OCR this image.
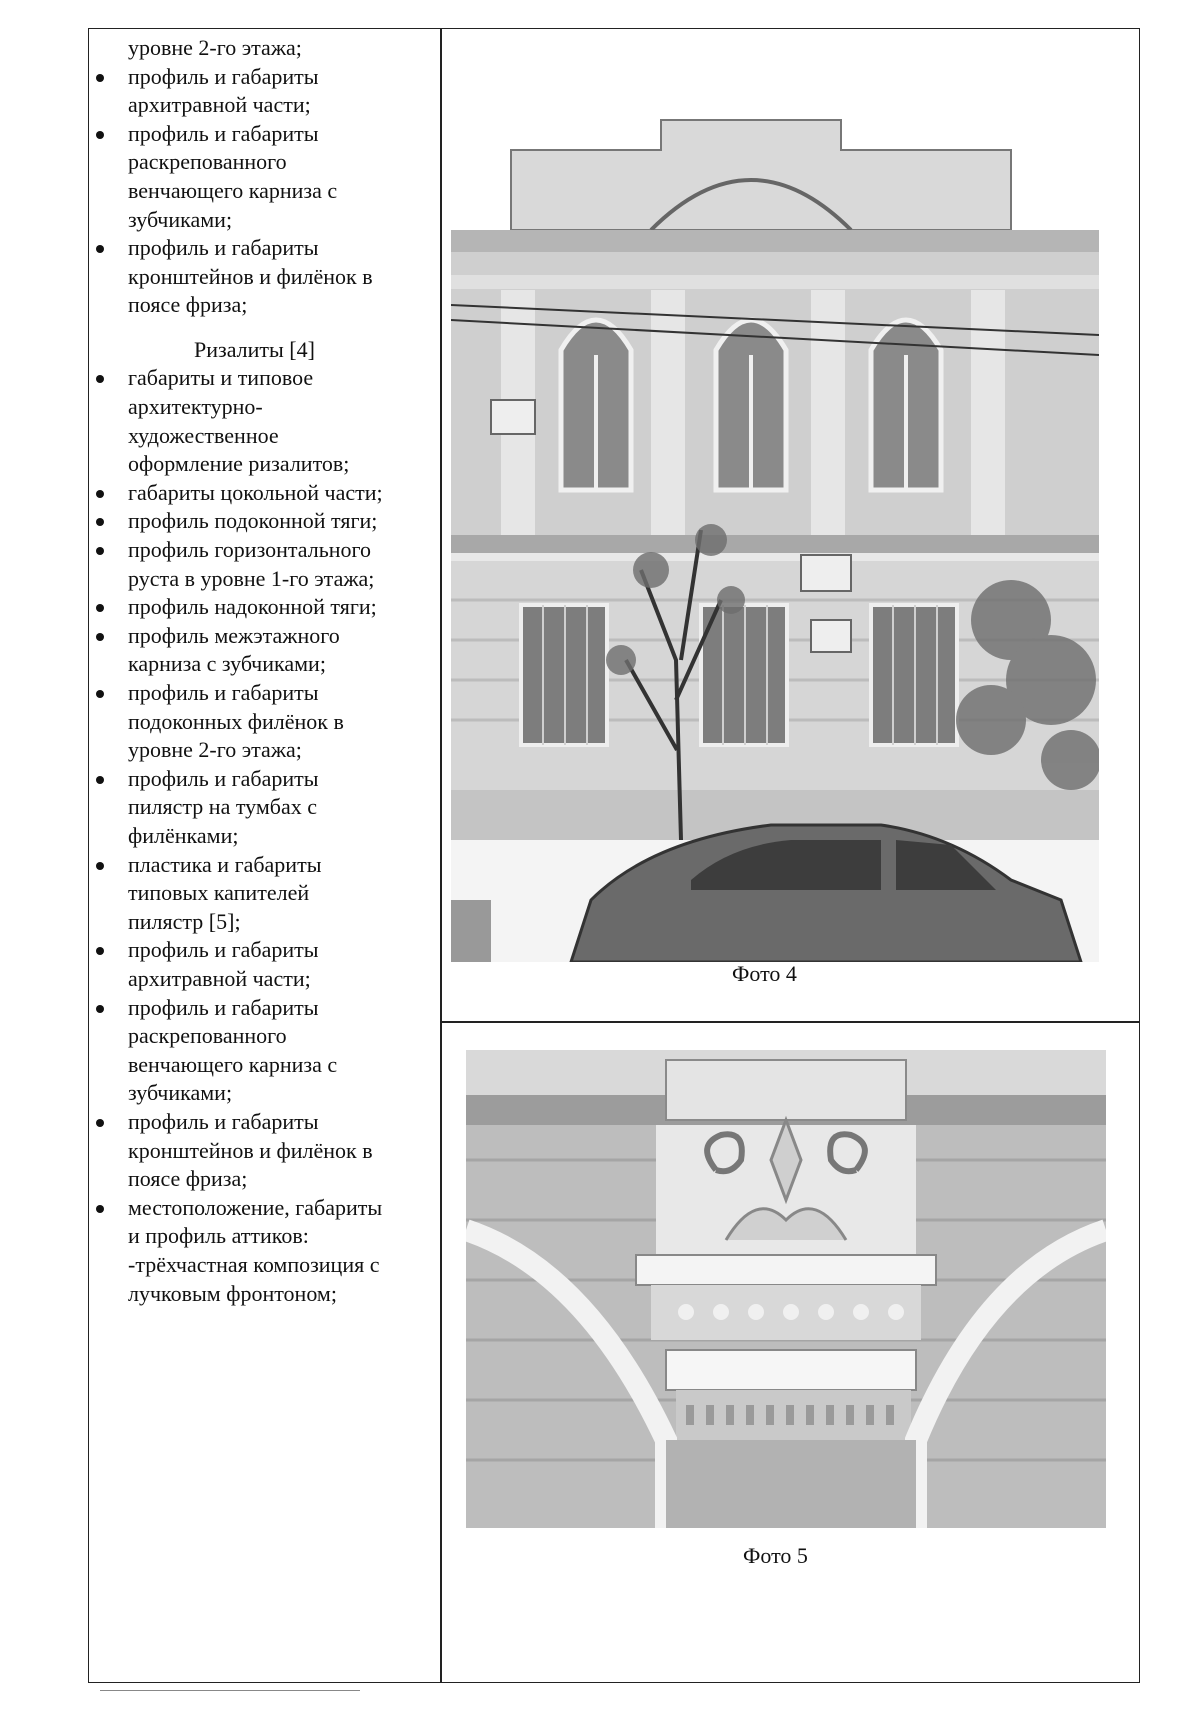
уровне 2-го этажа;
профиль и габариты
архитравной части;
профиль и габариты
раскрепованного
венчающего карниза с
зубчиками;
профиль и габариты
кронштейнов и филёнок в
поясе фриза;
Ризалиты [4]
габариты и типовое
архитектурно-
художественное
оформление ризалитов;
габариты цокольной части;
профиль подоконной тяги;
профиль горизонтального
руста в уровне 1-го этажа;
профиль надоконной тяги;
профиль межэтажного
карниза с зубчиками;
профиль и габариты
подоконных филёнок в
уровне 2-го этажа;
профиль и габариты
пилястр на тумбах с
филёнками;
пластика и габариты
типовых капителей
пилястр [5];
профиль и габариты
архитравной части;
профиль и габариты
раскрепованного
венчающего карниза с
зубчиками;
профиль и габариты
кронштейнов и филёнок в
поясе фриза;
местоположение, габариты
и профиль аттиков:
-трёхчастная композиция с
лучковым фронтоном;
Фото 4
Фото 5
